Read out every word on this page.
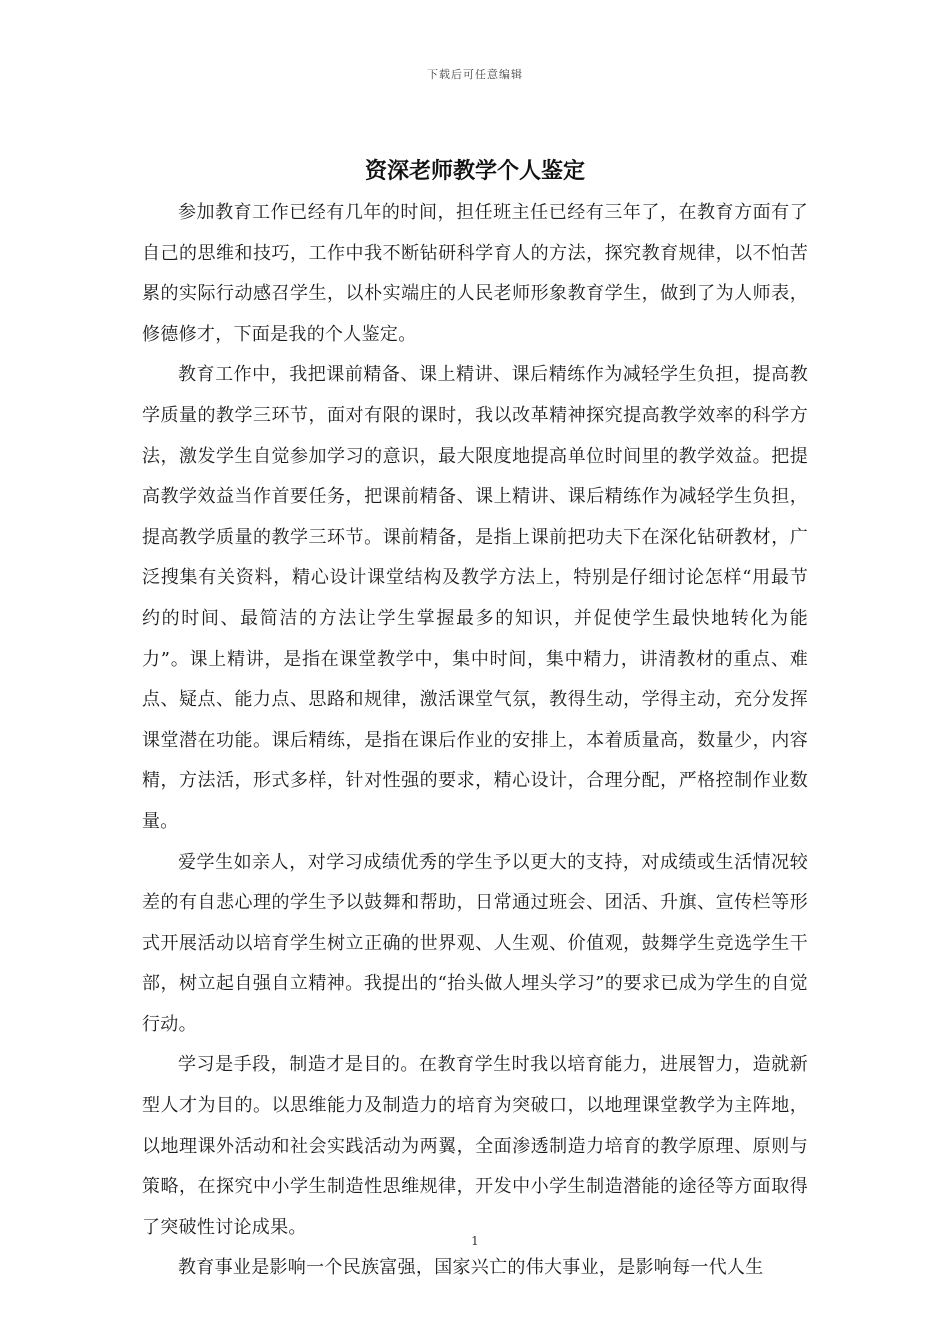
下载后可任意编辑
资深老师教学个人鉴定

参加教育工作已经有几年的时间，担任班主任已经有三年了，在教育方面有了自己的思维和技巧，工作中我不断钻研科学育人的方法，探究教育规律，以不怕苦累的实际行动感召学生，以朴实端庄的人民老师形象教育学生，做到了为人师表，修德修才，下面是我的个人鉴定。

教育工作中，我把课前精备、课上精讲、课后精练作为减轻学生负担，提高教学质量的教学三环节，面对有限的课时，我以改革精神探究提高教学效率的科学方法，激发学生自觉参加学习的意识，最大限度地提高单位时间里的教学效益。把提高教学效益当作首要任务，把课前精备、课上精讲、课后精练作为减轻学生负担，提高教学质量的教学三环节。课前精备，是指上课前把功夫下在深化钻研教材，广泛搜集有关资料，精心设计课堂结构及教学方法上，特别是仔细讨论怎样“用最节约的时间、最简洁的方法让学生掌握最多的知识，并促使学生最快地转化为能力”。课上精讲，是指在课堂教学中，集中时间，集中精力，讲清教材的重点、难点、疑点、能力点、思路和规律，激活课堂气氛，教得生动，学得主动，充分发挥课堂潜在功能。课后精练，是指在课后作业的安排上，本着质量高，数量少，内容精，方法活，形式多样，针对性强的要求，精心设计，合理分配，严格控制作业数量。

爱学生如亲人，对学习成绩优秀的学生予以更大的支持，对成绩或生活情况较差的有自悲心理的学生予以鼓舞和帮助，日常通过班会、团活、升旗、宣传栏等形式开展活动以培育学生树立正确的世界观、人生观、价值观，鼓舞学生竞选学生干部，树立起自强自立精神。我提出的“抬头做人埋头学习”的要求已成为学生的自觉行动。

学习是手段，制造才是目的。在教育学生时我以培育能力，进展智力，造就新型人才为目的。以思维能力及制造力的培育为突破口，以地理课堂教学为主阵地，以地理课外活动和社会实践活动为两翼，全面渗透制造力培育的教学原理、原则与策略，在探究中小学生制造性思维规律，开发中小学生制造潜能的途径等方面取得了突破性讨论成果。

教育事业是影响一个民族富强，国家兴亡的伟大事业，是影响每一代人生

1
